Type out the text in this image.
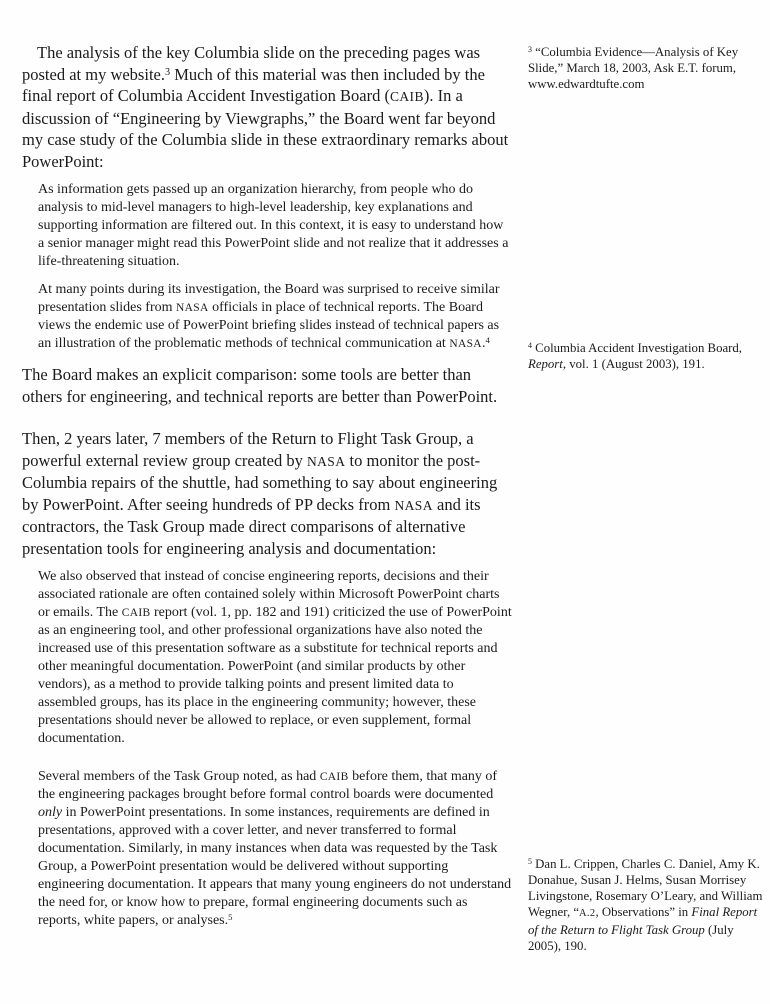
The analysis of the key Columbia slide on the preceding pages was posted at my website.$^3$ Much of this material was then included by the final report of Columbia Accident Investigation Board (CAIB). In a discussion of “Engineering by Viewgraphs,” the Board went far beyond my case study of the Columbia slide in these extraordinary remarks about PowerPoint:

As information gets passed up an organization hierarchy, from people who do analysis to mid-level managers to high-level leadership, key explanations and supporting information are filtered out. In this context, it is easy to understand how a senior manager might read this PowerPoint slide and not realize that it addresses a life-threatening situation.

At many points during its investigation, the Board was surprised to receive similar presentation slides from NASA officials in place of technical reports. The Board views the endemic use of PowerPoint briefing slides instead of technical papers as an illustration of the problematic methods of technical communication at NASA.$^4$

The Board makes an explicit comparison: some tools are better than others for engineering, and technical reports are better than PowerPoint.

Then, 2 years later, 7 members of the Return to Flight Task Group, a powerful external review group created by NASA to monitor the post-Columbia repairs of the shuttle, had something to say about engineering by PowerPoint. After seeing hundreds of PP decks from NASA and its contractors, the Task Group made direct comparisons of alternative presentation tools for engineering analysis and documentation:

We also observed that instead of concise engineering reports, decisions and their associated rationale are often contained solely within Microsoft PowerPoint charts or emails. The CAIB report (vol. 1, pp. 182 and 191) criticized the use of PowerPoint as an engineering tool, and other professional organizations have also noted the increased use of this presentation software as a substitute for technical reports and other meaningful documentation. PowerPoint (and similar products by other vendors), as a method to provide talking points and present limited data to assembled groups, has its place in the engineering community; however, these presentations should never be allowed to replace, or even supplement, formal documentation.

Several members of the Task Group noted, as had CAIB before them, that many of the engineering packages brought before formal control boards were documented only in PowerPoint presentations. In some instances, requirements are defined in presentations, approved with a cover letter, and never transferred to formal documentation. Similarly, in many instances when data was requested by the Task Group, a PowerPoint presentation would be delivered without supporting engineering documentation. It appears that many young engineers do not understand the need for, or know how to prepare, formal engineering documents such as reports, white papers, or analyses.$^5$

$^3$ “Columbia Evidence—Analysis of Key Slide,” March 18, 2003, Ask E.T. forum, www.edwardtufte.com
$^4$ Columbia Accident Investigation Board, Report, vol. 1 (August 2003), 191.
$^5$ Dan L. Crippen, Charles C. Daniel, Amy K. Donahue, Susan J. Helms, Susan Morrisey Livingstone, Rosemary O’Leary, and William Wegner, “A.2, Observations” in Final Report of the Return to Flight Task Group (July 2005), 190.
